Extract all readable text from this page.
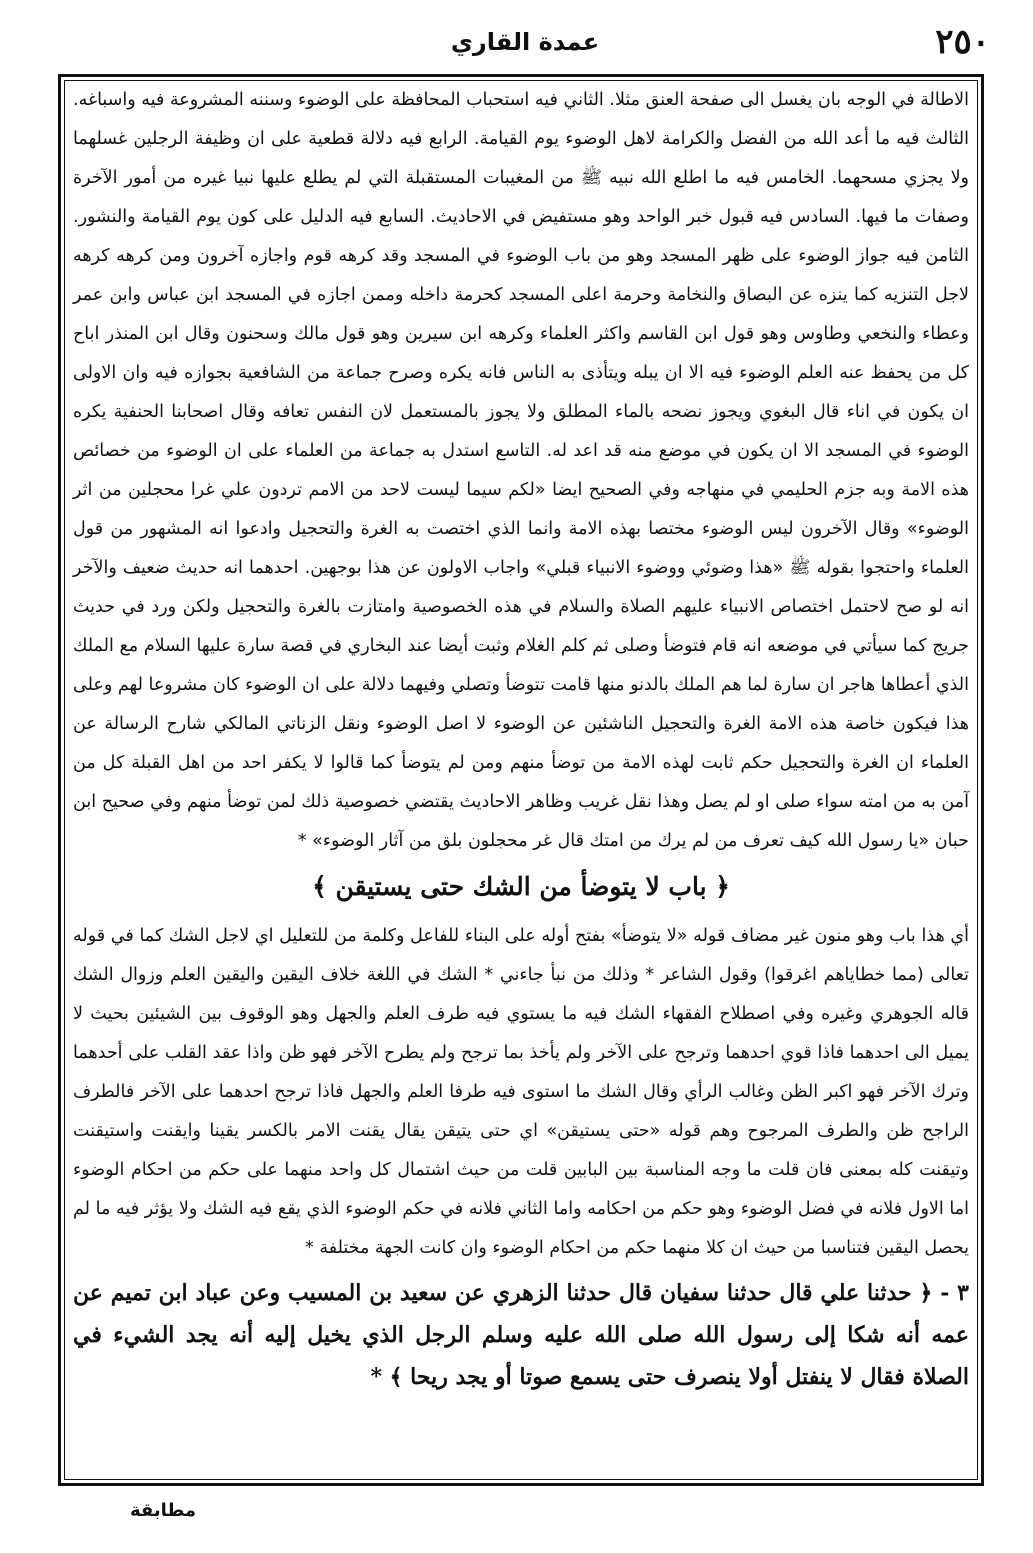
٢٥٠
عمدة القاري

الاطالة في الوجه بان يغسل الى صفحة العنق مثلا. الثاني فيه استحباب المحافظة على الوضوء وسننه المشروعة فيه واسباغه. الثالث فيه ما أعد الله من الفضل والكرامة لاهل الوضوء يوم القيامة. الرابع فيه دلالة قطعية على ان وظيفة الرجلين غسلهما ولا يجزي مسحهما. الخامس فيه ما اطلع الله نبيه ﷺ من المغيبات المستقبلة التي لم يطلع عليها نبيا غيره من أمور الآخرة وصفات ما فيها. السادس فيه قبول خبر الواحد وهو مستفيض في الاحاديث. السابع فيه الدليل على كون يوم القيامة والنشور. الثامن فيه جواز الوضوء على ظهر المسجد وهو من باب الوضوء في المسجد وقد كرهه قوم واجازه آخرون ومن كرهه كرهه لاجل التنزيه كما ينزه عن البصاق والنخامة وحرمة اعلى المسجد كحرمة داخله وممن اجازه في المسجد ابن عباس وابن عمر وعطاء والنخعي وطاوس وهو قول ابن القاسم واكثر العلماء وكرهه ابن سيرين وهو قول مالك وسحنون وقال ابن المنذر اباح كل من يحفظ عنه العلم الوضوء فيه الا ان يبله ويتأذى به الناس فانه يكره وصرح جماعة من الشافعية بجوازه فيه وان الاولى ان يكون في اناء قال البغوي ويجوز نضحه بالماء المطلق ولا يجوز بالمستعمل لان النفس تعافه وقال اصحابنا الحنفية يكره الوضوء في المسجد الا ان يكون في موضع منه قد اعد له. التاسع استدل به جماعة من العلماء على ان الوضوء من خصائص هذه الامة وبه جزم الحليمي في منهاجه وفي الصحيح ايضا «لكم سيما ليست لاحد من الامم تردون علي غرا محجلين من اثر الوضوء» وقال الآخرون ليس الوضوء مختصا بهذه الامة وانما الذي اختصت به الغرة والتحجيل وادعوا انه المشهور من قول العلماء واحتجوا بقوله ﷺ «هذا وضوئي ووضوء الانبياء قبلي» واجاب الاولون عن هذا بوجهين. احدهما انه حديث ضعيف والآخر انه لو صح لاحتمل اختصاص الانبياء عليهم الصلاة والسلام في هذه الخصوصية وامتازت بالغرة والتحجيل ولكن ورد في حديث جريج كما سيأتي في موضعه انه قام فتوضأ وصلى ثم كلم الغلام وثبت أيضا عند البخاري في قصة سارة عليها السلام مع الملك الذي أعطاها هاجر ان سارة لما هم الملك بالدنو منها قامت تتوضأ وتصلي وفيهما دلالة على ان الوضوء كان مشروعا لهم وعلى هذا فيكون خاصة هذه الامة الغرة والتحجيل الناشئين عن الوضوء لا اصل الوضوء ونقل الزناتي المالكي شارح الرسالة عن العلماء ان الغرة والتحجيل حكم ثابت لهذه الامة من توضأ منهم ومن لم يتوضأ كما قالوا لا يكفر احد من اهل القبلة كل من آمن به من امته سواء صلى او لم يصل وهذا نقل غريب وظاهر الاحاديث يقتضي خصوصية ذلك لمن توضأ منهم وفي صحيح ابن حبان «يا رسول الله كيف تعرف من لم يرك من امتك قال غر محجلون بلق من آثار الوضوء» *

﴿ باب لا يتوضأ من الشك حتى يستيقن ﴾

أي هذا باب وهو منون غير مضاف قوله «لا يتوضأ» بفتح أوله على البناء للفاعل وكلمة من للتعليل اي لاجل الشك كما في قوله تعالى (مما خطاياهم اغرقوا) وقول الشاعر * وذلك من نبأ جاءني * الشك في اللغة خلاف اليقين واليقين العلم وزوال الشك قاله الجوهري وغيره وفي اصطلاح الفقهاء الشك فيه ما يستوي فيه طرف العلم والجهل وهو الوقوف بين الشيئين بحيث لا يميل الى احدهما فاذا قوي احدهما وترجح على الآخر ولم يأخذ بما ترجح ولم يطرح الآخر فهو ظن واذا عقد القلب على أحدهما وترك الآخر فهو اكبر الظن وغالب الرأي وقال الشك ما استوى فيه طرفا العلم والجهل فاذا ترجح احدهما على الآخر فالطرف الراجح ظن والطرف المرجوح وهم قوله «حتى يستيقن» اي حتى يتيقن يقال يقنت الامر بالكسر يقينا وايقنت واستيقنت وتيقنت كله بمعنى فان قلت ما وجه المناسبة بين البابين قلت من حيث اشتمال كل واحد منهما على حكم من احكام الوضوء اما الاول فلانه في فضل الوضوء وهو حكم من احكامه واما الثاني فلانه في حكم الوضوء الذي يقع فيه الشك ولا يؤثر فيه ما لم يحصل اليقين فتناسبا من حيث ان كلا منهما حكم من احكام الوضوء وان كانت الجهة مختلفة *

٣ - ﴿ حدثنا علي قال حدثنا سفيان قال حدثنا الزهري عن سعيد بن المسيب وعن عباد ابن تميم عن عمه أنه شكا إلى رسول الله صلى الله عليه وسلم الرجل الذي يخيل إليه أنه يجد الشيء في الصلاة فقال لا ينفتل أولا ينصرف حتى يسمع صوتا أو يجد ريحا ﴾ *

مطابقة
